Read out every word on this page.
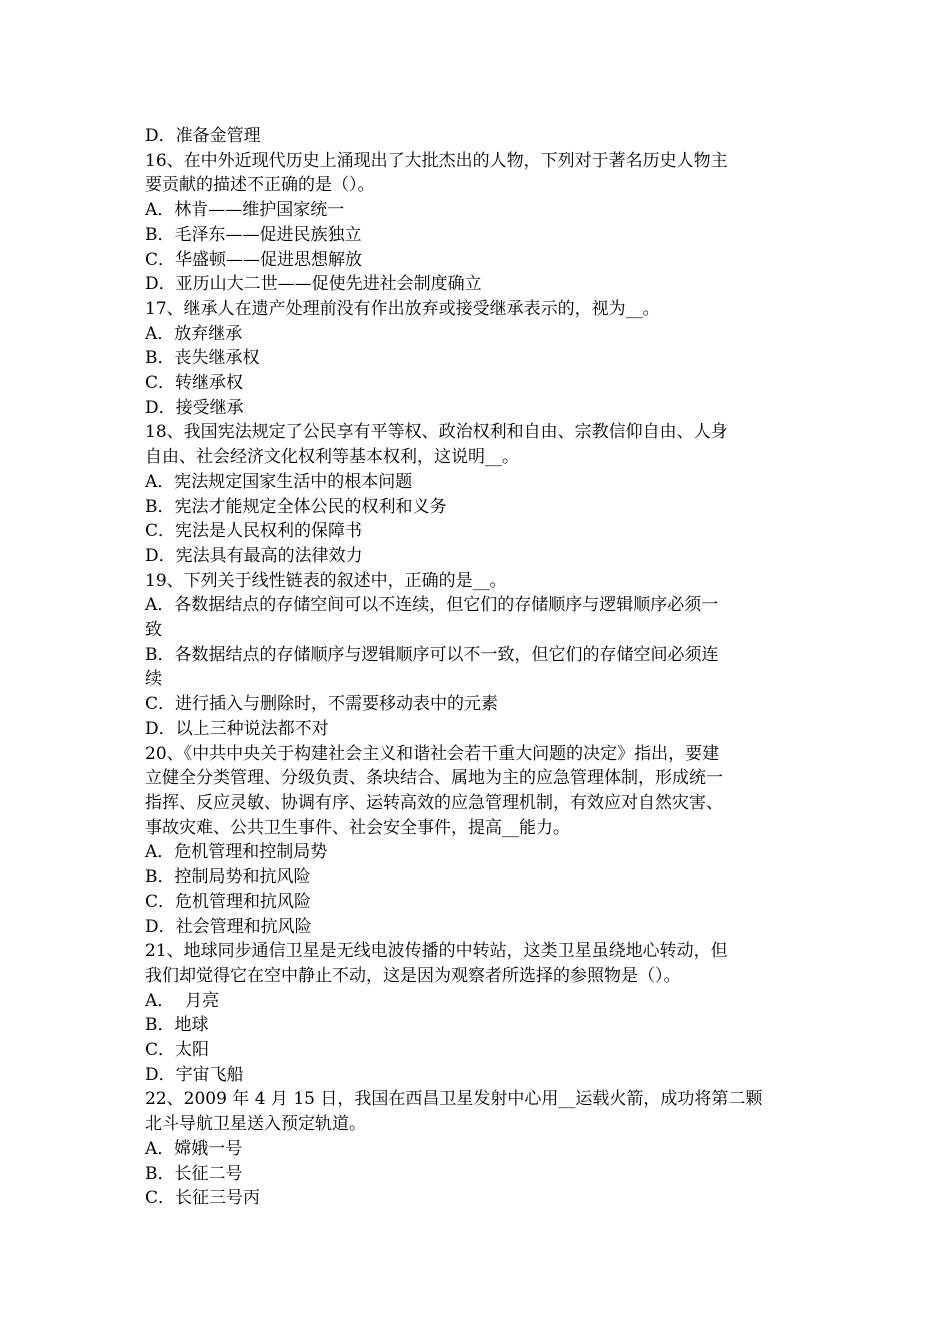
D．准备金管理

16、在中外近现代历史上涌现出了大批杰出的人物，下列对于著名历史人物主

要贡献的描述不正确的是（）。

A．林肯——维护国家统一

B．毛泽东——促进民族独立

C．华盛顿——促进思想解放

D．亚历山大二世——促使先进社会制度确立

17、继承人在遗产处理前没有作出放弃或接受继承表示的，视为__。

A．放弃继承

B．丧失继承权

C．转继承权

D．接受继承

18、我国宪法规定了公民享有平等权、政治权利和自由、宗教信仰自由、人身

自由、社会经济文化权利等基本权利，这说明__。

A．宪法规定国家生活中的根本问题

B．宪法才能规定全体公民的权利和义务

C．宪法是人民权利的保障书

D．宪法具有最高的法律效力

19、下列关于线性链表的叙述中，正确的是__。

A．各数据结点的存储空间可以不连续，但它们的存储顺序与逻辑顺序必须一

致

B．各数据结点的存储顺序与逻辑顺序可以不一致，但它们的存储空间必须连

续

C．进行插入与删除时，不需要移动表中的元素

D．以上三种说法都不对

20、《中共中央关于构建社会主义和谐社会若干重大问题的决定》指出，要建

立健全分类管理、分级负责、条块结合、属地为主的应急管理体制，形成统一

指挥、反应灵敏、协调有序、运转高效的应急管理机制，有效应对自然灾害、

事故灾难、公共卫生事件、社会安全事件，提高__能力。

A．危机管理和控制局势

B．控制局势和抗风险

C．危机管理和抗风险

D．社会管理和抗风险

21、地球同步通信卫星是无线电波传播的中转站，这类卫星虽绕地心转动，但

我们却觉得它在空中静止不动，这是因为观察者所选择的参照物是（）。

A．  月亮

B．地球

C．太阳

D．宇宙飞船

22、2009 年 4 月 15 日，我国在西昌卫星发射中心用__运载火箭，成功将第二颗

北斗导航卫星送入预定轨道。

A．嫦娥一号

B．长征二号

C．长征三号丙
